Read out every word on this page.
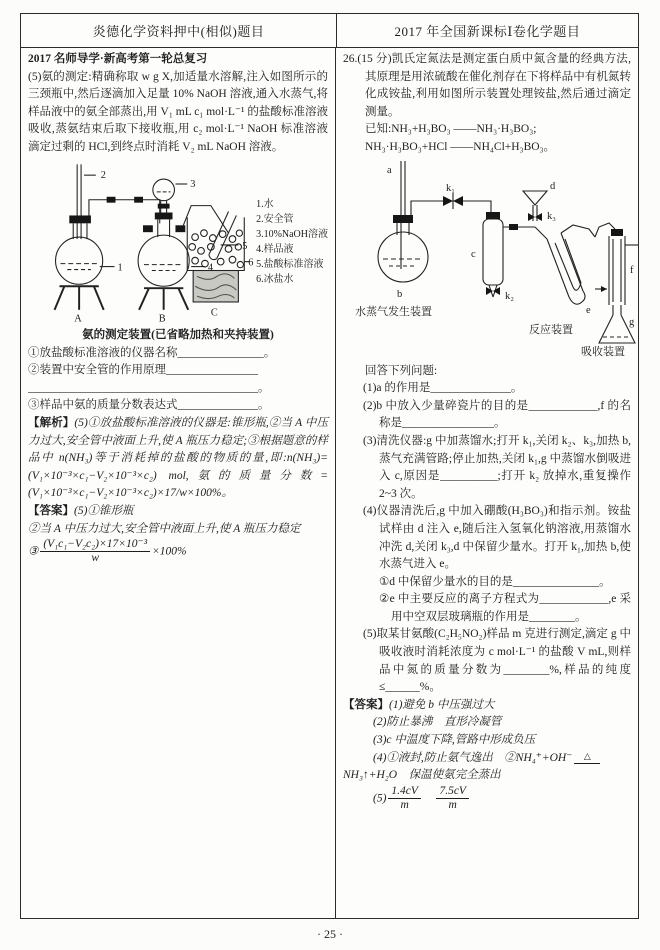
炎德化学资料押中(相似)题目	2017 年全国新课标Ⅰ卷化学题目

2017 名师导学·新高考第一轮总复习

(5)氨的测定:精确称取 w g X,加适量水溶解,注入如图所示的三颈瓶中,然后逐滴加入足量 10% NaOH 溶液,通入水蒸气,将样品液中的氨全部蒸出,用 V₁ mL c₁ mol·L⁻¹ 的盐酸标准溶液吸收,蒸氨结束后取下接收瓶,用 c₂ mol·L⁻¹ NaOH 标准溶液滴定过剩的 HCl,到终点时消耗 V₂ mL NaOH 溶液。

2
1
3
4
5
6
A	B
C
1.水
2.安全管
3.10%NaOH溶液
4.样品液
5.盐酸标准溶液
6.冰盐水
氨的测定装置(已省略加热和夹持装置)

①放盐酸标准溶液的仪器名称_______________。

②装置中安全管的作用原理________________

________________________________________。

③样品中氨的质量分数表达式______________。

【解析】(5)①放盐酸标准溶液的仪器是:锥形瓶,②当 A 中压力过大,安全管中液面上升,使 A 瓶压力稳定;③根据题意的样品中 n(NH₃)等于消耗掉的盐酸的物质的量,即:n(NH₃)=(V₁×10⁻³×c₁−V₂×10⁻³×c₂) mol,氨的质量分数=(V₁×10⁻³×c₁−V₂×10⁻³×c₂)×17/w×100%。

【答案】(5)①锥形瓶

②当 A 中压力过大,安全管中液面上升,使 A 瓶压力稳定

③ $\frac{\text{(V₁c₁−V₂c₂)×17×10⁻³}}{w} \times 100\%$

26.(15 分)凯氏定氮法是测定蛋白质中氮含量的经典方法,其原理是用浓硫酸在催化剂存在下将样品中有机氮转化成铵盐,利用如图所示装置处理铵盐,然后通过滴定测量。

已知:NH₃+H₃BO₃ ——NH₃·H₃BO₃;

NH₃·H₃BO₃+HCl ——NH₄Cl+H₃BO₃。

a
b
c
d
e
f
g
k₁
k₂
k₃
水蒸气发生装置
反应装置
吸收装置

回答下列问题:

(1)a 的作用是______________。

(2)b 中放入少量碎瓷片的目的是____________,f 的名称是________________。

(3)清洗仪器:g 中加蒸馏水;打开 k₁,关闭 k₂、k₃,加热 b,蒸气充满管路;停止加热,关闭 k₁,g 中蒸馏水倒吸进入 c,原因是__________;打开 k₂ 放掉水,重复操作 2~3 次。

(4)仪器清洗后,g 中加入硼酸(H₃BO₃)和指示剂。铵盐试样由 d 注入 e,随后注入氢氧化钠溶液,用蒸馏水冲洗 d,关闭 k₃,d 中保留少量水。打开 k₁,加热 b,使水蒸气进入 e。

①d 中保留少量水的目的是_______________。

②e 中主要反应的离子方程式为____________,e 采用中空双层玻璃瓶的作用是________。

(5)取某甘氨酸(C₂H₅NO₂)样品 m 克进行测定,滴定 g 中吸收液时消耗浓度为 c mol·L⁻¹ 的盐酸 V mL,则样品中氮的质量分数为________%,样品的纯度≤______%。

【答案】(1)避免 b 中压强过大

(2)防止暴沸　直形冷凝管

(3)c 中温度下降,管路中形成负压

(4)①液封,防止氨气逸出　②NH₄⁺+OH⁻	△

NH₃↑+H₂O　保温使氨完全蒸出

$(5) \frac{1.4cV}{m}$
　 $\frac{7.5cV}{m}$

· 25 ·
